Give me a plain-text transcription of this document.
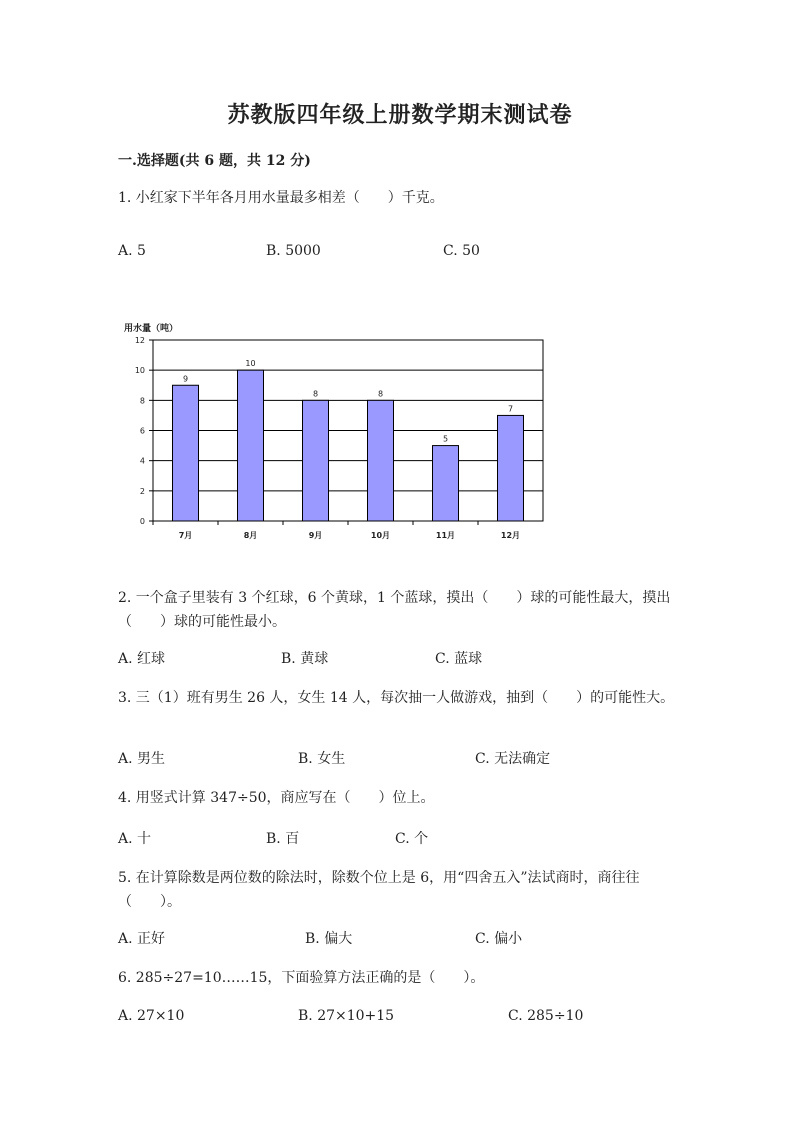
苏教版四年级上册数学期末测试卷

一.选择题(共 6 题，共 12 分)

1. 小红家下半年各月用水量最多相差（　　）千克。

A. 5	B. 5000	C. 50
用水量（吨）
0
2
4
6
8
10
12
9
7月
10
8月
8
9月
8
10月
5
11月
7
12月

2. 一个盒子里装有 3 个红球，6 个黄球，1 个蓝球，摸出（　　）球的可能性最大，摸出（　　）球的可能性最小。

A. 红球	B. 黄球	C. 蓝球

3. 三（1）班有男生 26 人，女生 14 人，每次抽一人做游戏，抽到（　　）的可能性大。

A. 男生	B. 女生	C. 无法确定

4. 用竖式计算 347÷50，商应写在（　　）位上。

A. 十	B. 百	C. 个

5. 在计算除数是两位数的除法时，除数个位上是 6，用“四舍五入”法试商时，商往往（　　）。

A. 正好	B. 偏大	C. 偏小

6. 285÷27=10……15，下面验算方法正确的是（　　）。

A. 27×10	B. 27×10+15	C. 285÷10
